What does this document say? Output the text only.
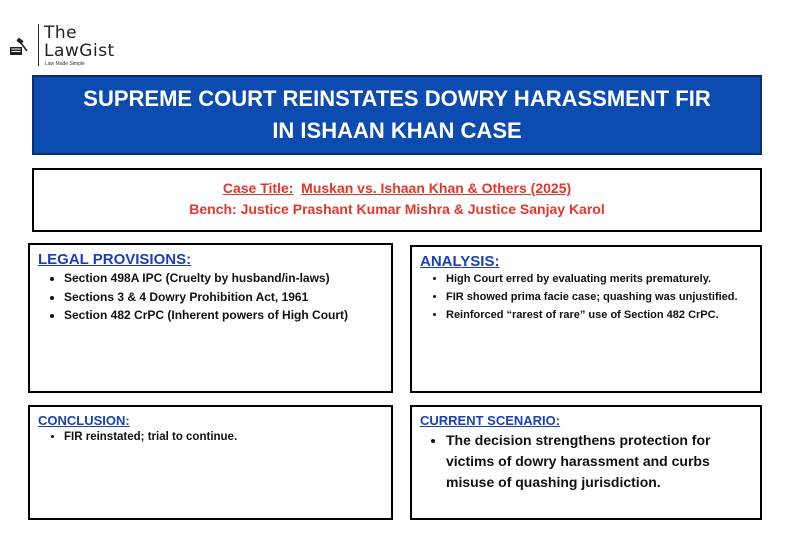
The
LawGist
Law Made Simple
SUPREME COURT REINSTATES DOWRY HARASSMENT FIR IN ISHAAN KHAN CASE
Case Title: Muskan vs. Ishaan Khan & Others (2025)
Bench: Justice Prashant Kumar Mishra & Justice Sanjay Karol
LEGAL PROVISIONS:
• Section 498A IPC (Cruelty by husband/in-laws)
• Sections 3 & 4 Dowry Prohibition Act, 1961
• Section 482 CrPC (Inherent powers of High Court)
ANALYSIS:
• High Court erred by evaluating merits prematurely.
• FIR showed prima facie case; quashing was unjustified.
• Reinforced “rarest of rare” use of Section 482 CrPC.
CONCLUSION:
• FIR reinstated; trial to continue.
CURRENT SCENARIO:
• The decision strengthens protection for victims of dowry harassment and curbs misuse of quashing jurisdiction.
